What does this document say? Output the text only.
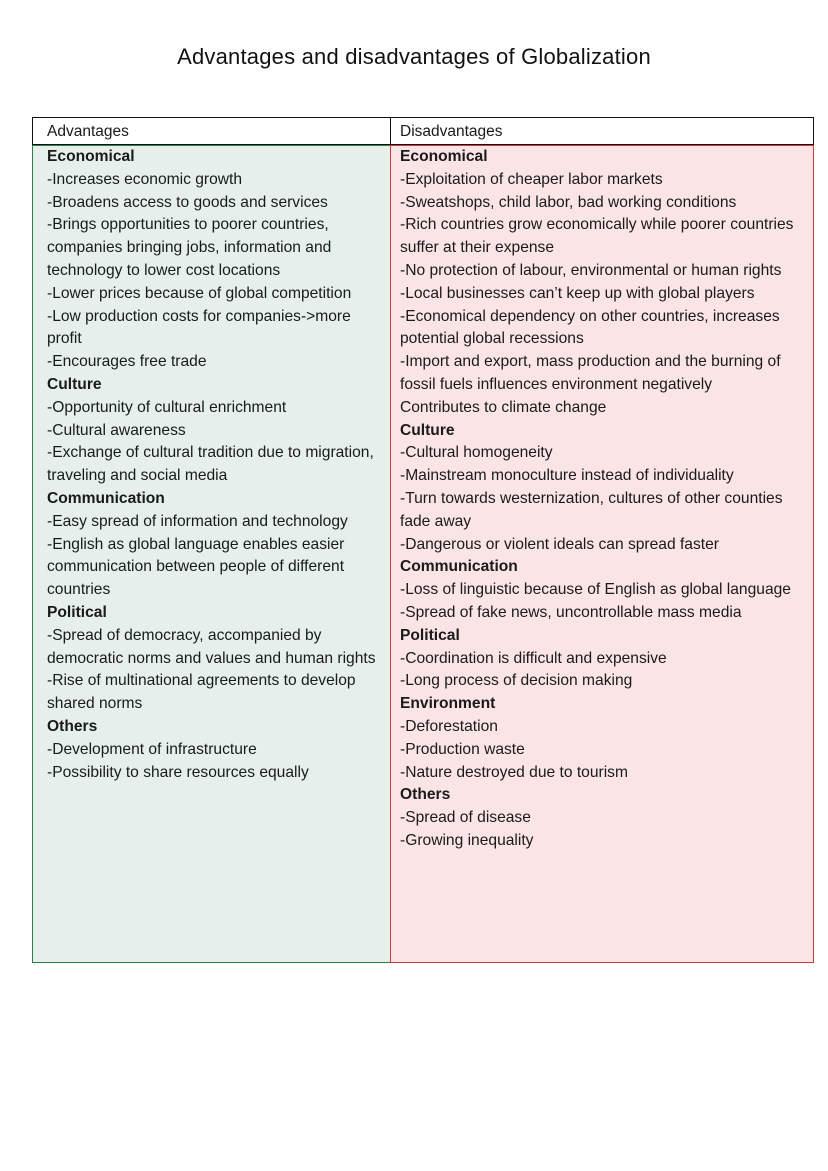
Advantages and disadvantages of Globalization
Advantages	Disadvantages
Economical
-Increases economic growth
-Broadens access to goods and services
-Brings opportunities to poorer countries, companies bringing jobs, information and technology to lower cost locations
-Lower prices because of global competition
-Low production costs for companies->more profit
-Encourages free trade
Culture
-Opportunity of cultural enrichment
-Cultural awareness
-Exchange of cultural tradition due to migration, traveling and social media
Communication
-Easy spread of information and technology
-English as global language enables easier communication between people of different countries
Political
-Spread of democracy, accompanied by democratic norms and values and human rights
-Rise of multinational agreements to develop shared norms
Others
-Development of infrastructure
-Possibility to share resources equally
Economical
-Exploitation of cheaper labor markets
-Sweatshops, child labor, bad working conditions
-Rich countries grow economically while poorer countries suffer at their expense
-No protection of labour, environmental or human rights
-Local businesses can’t keep up with global players
-Economical dependency on other countries, increases potential global recessions
-Import and export, mass production and the burning of fossil fuels influences environment negatively
Contributes to climate change
Culture
-Cultural homogeneity
-Mainstream monoculture instead of individuality
-Turn towards westernization, cultures of other counties fade away
-Dangerous or violent ideals can spread faster
Communication
-Loss of linguistic because of English as global language
-Spread of fake news, uncontrollable mass media
Political
-Coordination is difficult and expensive
-Long process of decision making
Environment
-Deforestation
-Production waste
-Nature destroyed due to tourism
Others
-Spread of disease
-Growing inequality
